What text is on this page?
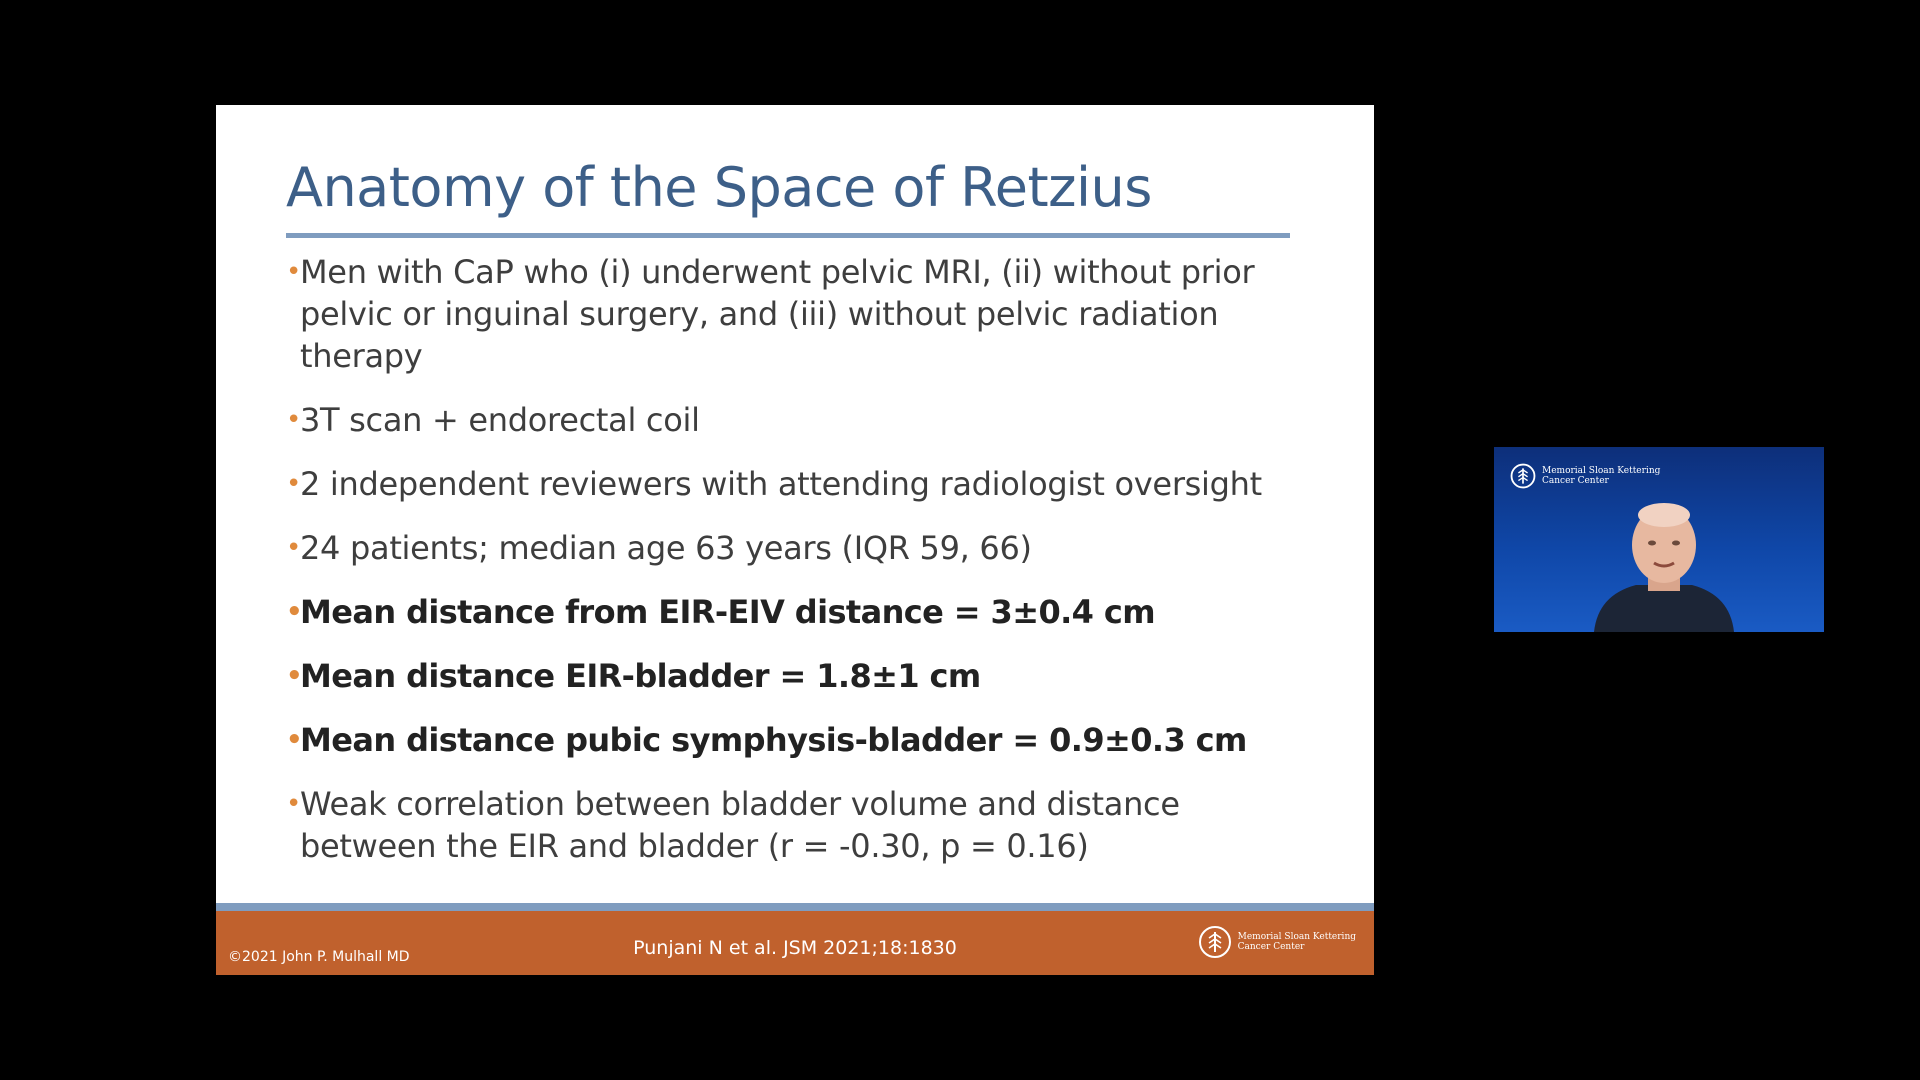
Anatomy of the Space of Retzius
•
Men with CaP who (i) underwent pelvic MRI, (ii) without prior pelvic or inguinal surgery, and (iii) without pelvic radiation therapy
•
3T scan + endorectal coil
•
2 independent reviewers with attending radiologist oversight
•
24 patients; median age 63 years (IQR 59, 66)
•
Mean distance from EIR-EIV distance = 3±0.4 cm
•
Mean distance EIR-bladder = 1.8±1 cm
•
Mean distance pubic symphysis-bladder = 0.9±0.3 cm
•
Weak correlation between bladder volume and distance between the EIR and bladder (r = -0.30, p = 0.16)
©2021 John P. Mulhall MD	Punjani N et al. JSM 2021;18:1830	Memorial Sloan Kettering
Cancer Center
Memorial Sloan Kettering
Cancer Center
